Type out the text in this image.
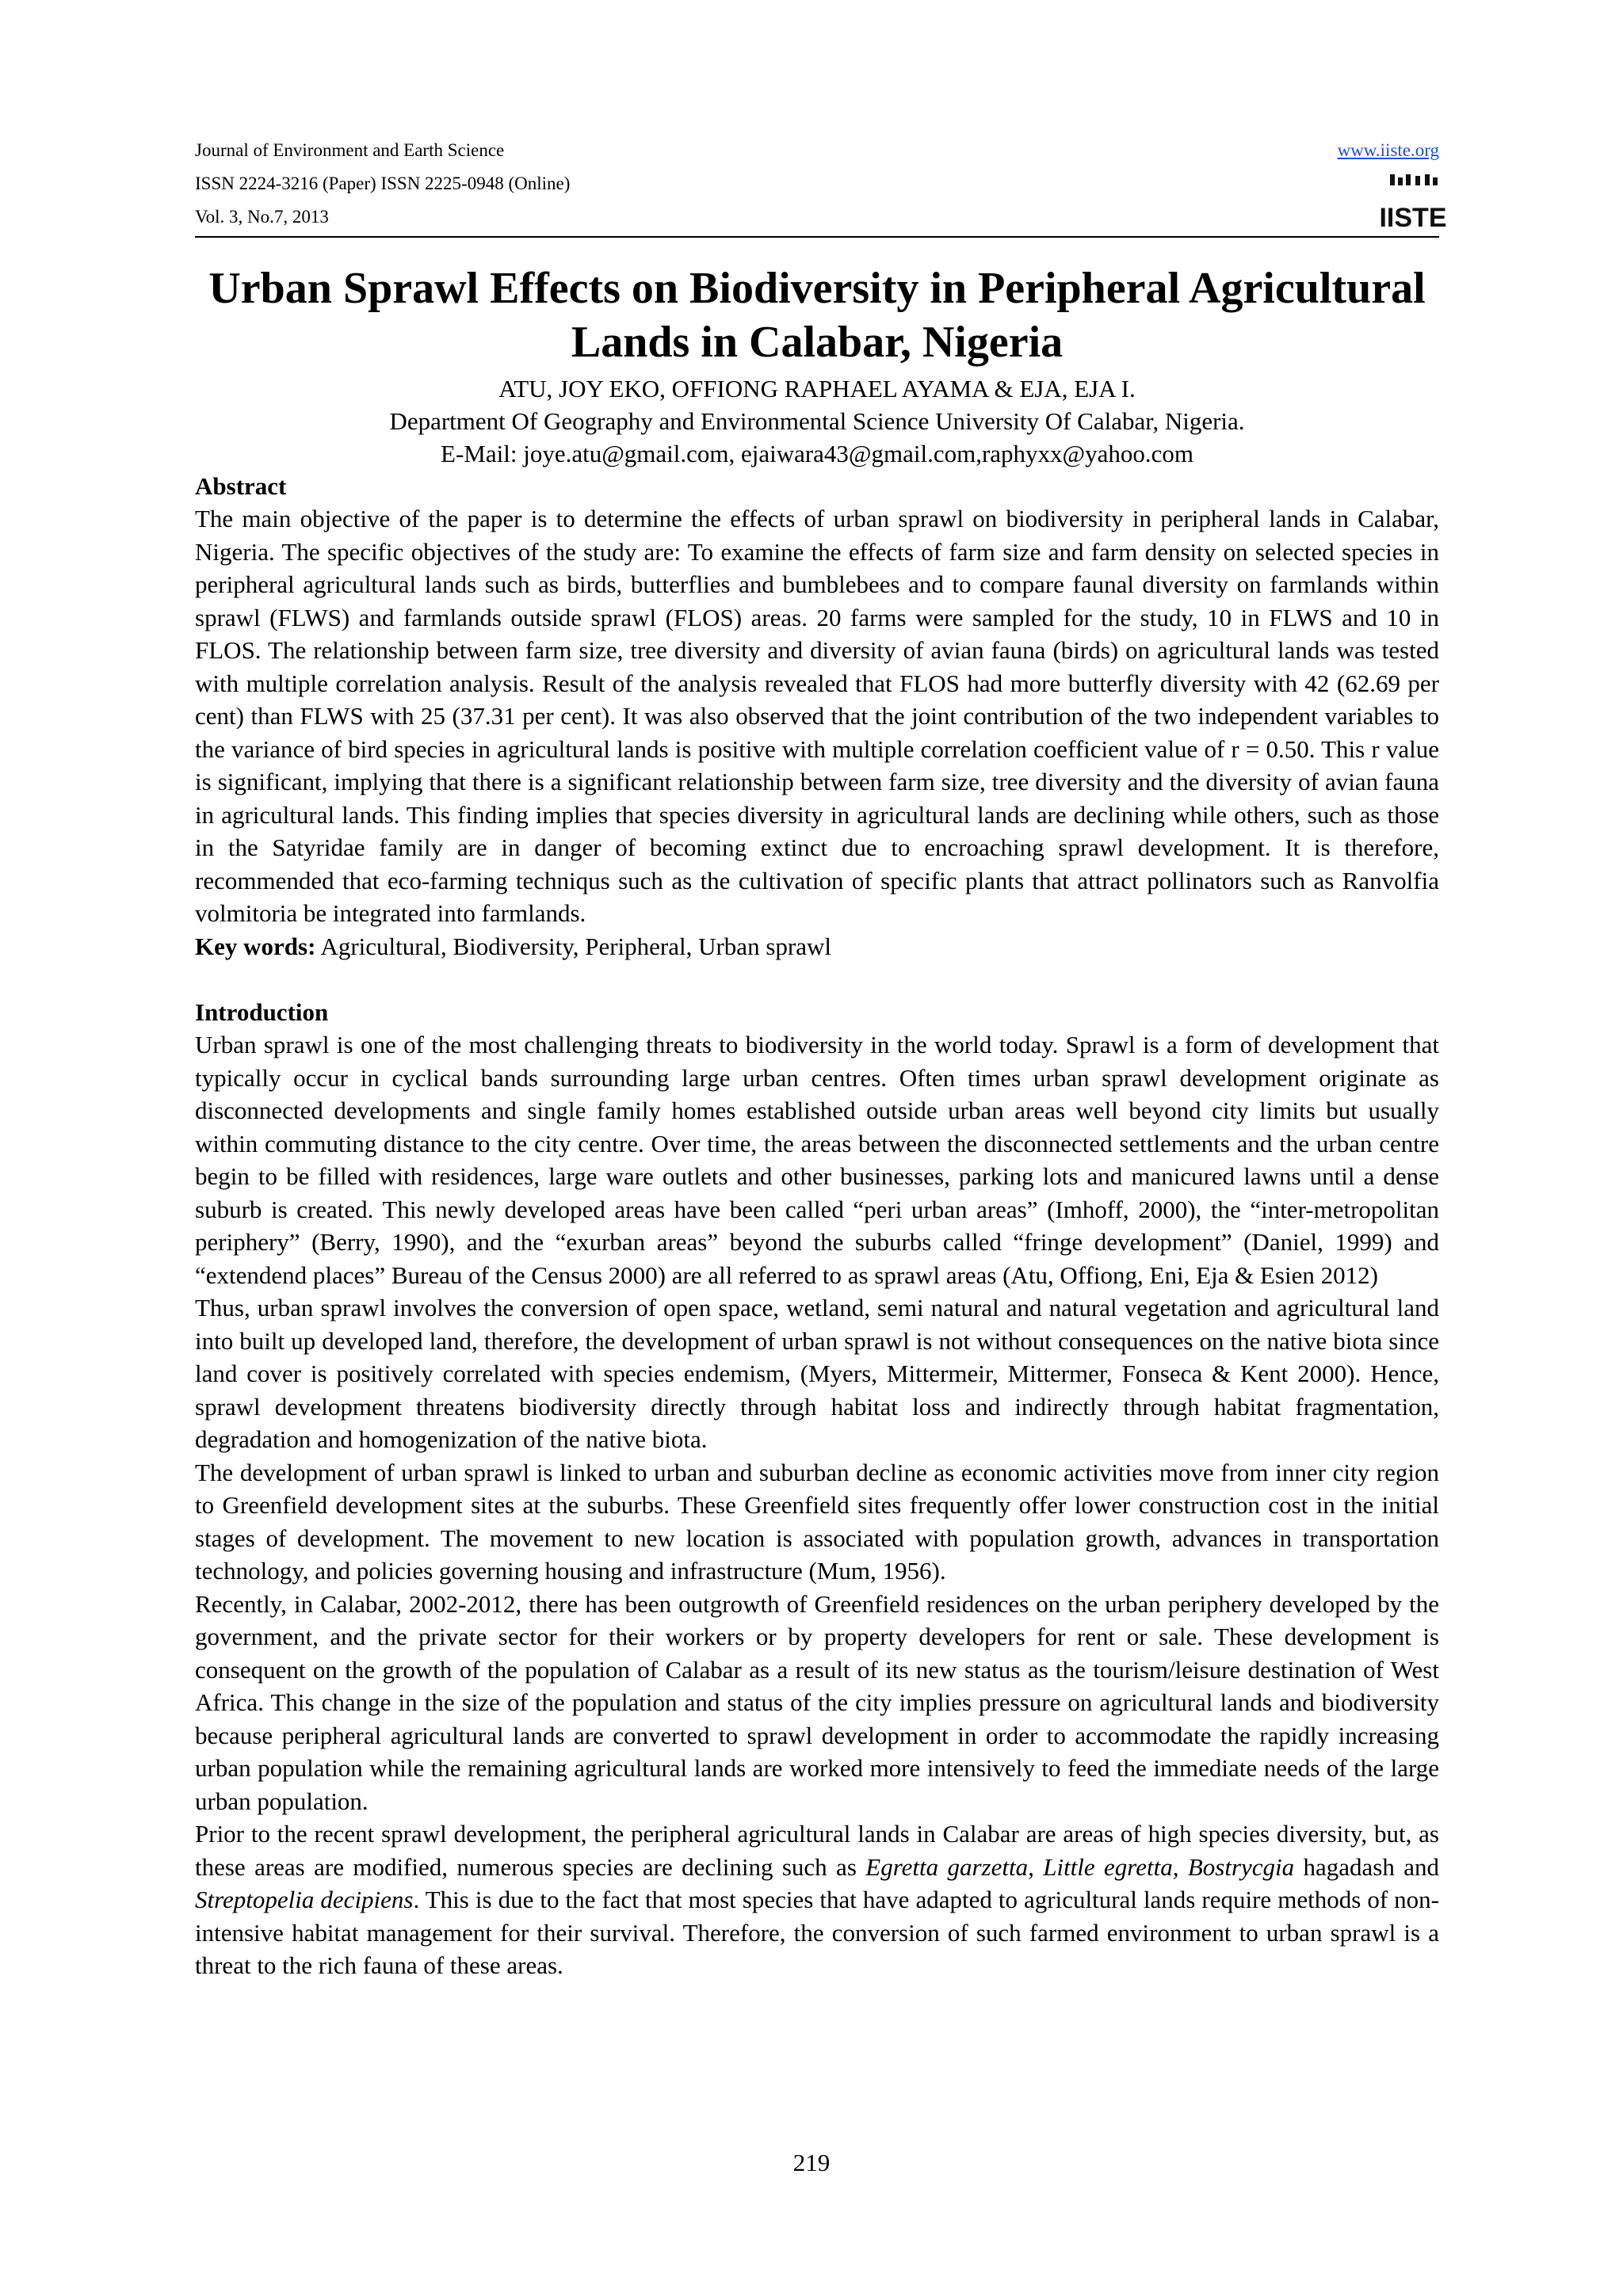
Journal of Environment and Earth Science
ISSN 2224-3216 (Paper) ISSN 2225-0948 (Online)
Vol. 3, No.7, 2013
www.iiste.org
IISTE
Urban Sprawl Effects on Biodiversity in Peripheral Agricultural Lands in Calabar, Nigeria
ATU, JOY EKO, OFFIONG RAPHAEL AYAMA & EJA, EJA I.
Department Of Geography and Environmental Science University Of Calabar, Nigeria.
E-Mail: joye.atu@gmail.com, ejaiwara43@gmail.com,raphyxx@yahoo.com
Abstract

The main objective of the paper is to determine the effects of urban sprawl on biodiversity in peripheral lands in Calabar, Nigeria. The specific objectives of the study are: To examine the effects of farm size and farm density on selected species in peripheral agricultural lands such as birds, butterflies and bumblebees and to compare faunal diversity on farmlands within sprawl (FLWS) and farmlands outside sprawl (FLOS) areas. 20 farms were sampled for the study, 10 in FLWS and 10 in FLOS. The relationship between farm size, tree diversity and diversity of avian fauna (birds) on agricultural lands was tested with multiple correlation analysis. Result of the analysis revealed that FLOS had more butterfly diversity with 42 (62.69 per cent) than FLWS with 25 (37.31 per cent). It was also observed that the joint contribution of the two independent variables to the variance of bird species in agricultural lands is positive with multiple correlation coefficient value of r = 0.50. This r value is significant, implying that there is a significant relationship between farm size, tree diversity and the diversity of avian fauna in agricultural lands. This finding implies that species diversity in agricultural lands are declining while others, such as those in the Satyridae family are in danger of becoming extinct due to encroaching sprawl development. It is therefore, recommended that eco-farming techniqus such as the cultivation of specific plants that attract pollinators such as Ranvolfia volmitoria be integrated into farmlands.

Key words: Agricultural, Biodiversity, Peripheral, Urban sprawl

Introduction

Urban sprawl is one of the most challenging threats to biodiversity in the world today. Sprawl is a form of development that typically occur in cyclical bands surrounding large urban centres. Often times urban sprawl development originate as disconnected developments and single family homes established outside urban areas well beyond city limits but usually within commuting distance to the city centre. Over time, the areas between the disconnected settlements and the urban centre begin to be filled with residences, large ware outlets and other businesses, parking lots and manicured lawns until a dense suburb is created. This newly developed areas have been called “peri urban areas” (Imhoff, 2000), the “inter-metropolitan periphery” (Berry, 1990), and the “exurban areas” beyond the suburbs called “fringe development” (Daniel, 1999) and “extendend places” Bureau of the Census 2000) are all referred to as sprawl areas (Atu, Offiong, Eni, Eja & Esien 2012)

Thus, urban sprawl involves the conversion of open space, wetland, semi natural and natural vegetation and agricultural land into built up developed land, therefore, the development of urban sprawl is not without consequences on the native biota since land cover is positively correlated with species endemism, (Myers, Mittermeir, Mittermer, Fonseca & Kent 2000). Hence, sprawl development threatens biodiversity directly through habitat loss and indirectly through habitat fragmentation, degradation and homogenization of the native biota.

The development of urban sprawl is linked to urban and suburban decline as economic activities move from inner city region to Greenfield development sites at the suburbs. These Greenfield sites frequently offer lower construction cost in the initial stages of development. The movement to new location is associated with population growth, advances in transportation technology, and policies governing housing and infrastructure (Mum, 1956).

Recently, in Calabar, 2002-2012, there has been outgrowth of Greenfield residences on the urban periphery developed by the government, and the private sector for their workers or by property developers for rent or sale. These development is consequent on the growth of the population of Calabar as a result of its new status as the tourism/leisure destination of West Africa. This change in the size of the population and status of the city implies pressure on agricultural lands and biodiversity because peripheral agricultural lands are converted to sprawl development in order to accommodate the rapidly increasing urban population while the remaining agricultural lands are worked more intensively to feed the immediate needs of the large urban population.

Prior to the recent sprawl development, the peripheral agricultural lands in Calabar are areas of high species diversity, but, as these areas are modified, numerous species are declining such as Egretta garzetta, Little egretta, Bostrycgia hagadash and Streptopelia decipiens. This is due to the fact that most species that have adapted to agricultural lands require methods of non-intensive habitat management for their survival. Therefore, the conversion of such farmed environment to urban sprawl is a threat to the rich fauna of these areas.

219
